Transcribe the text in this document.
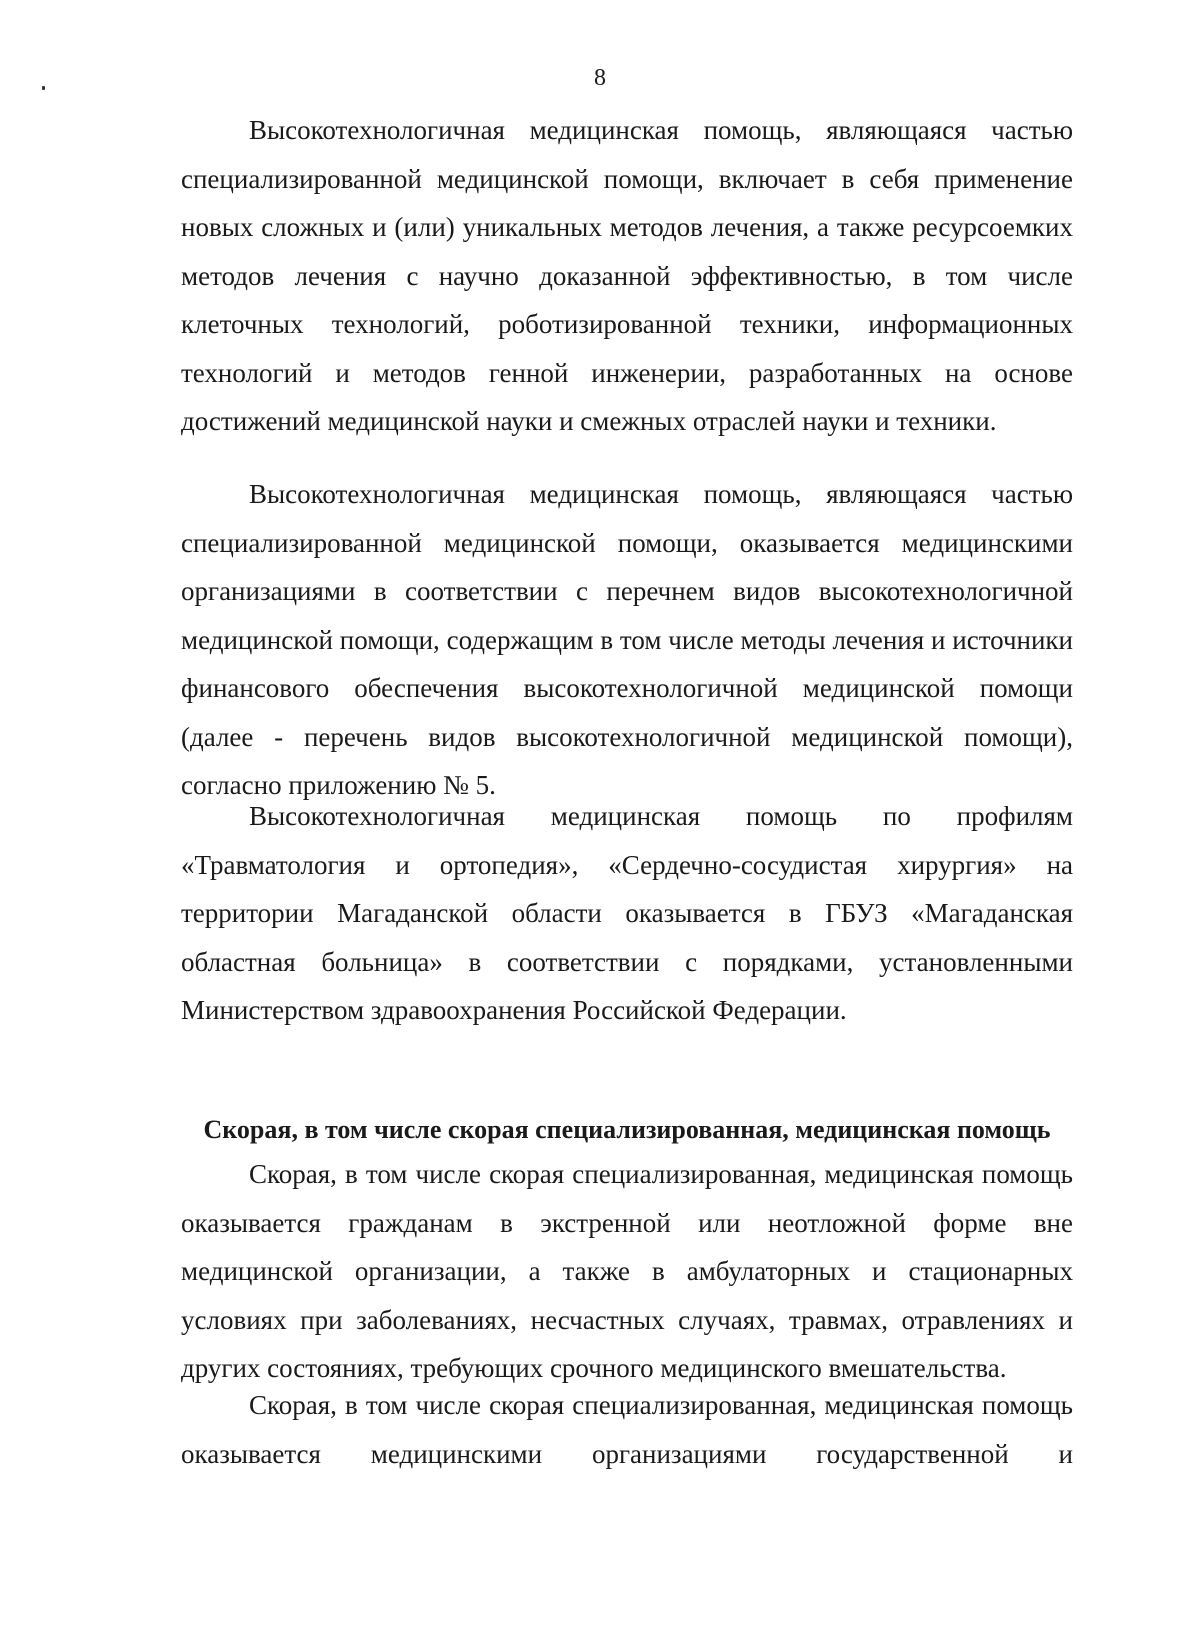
8

Высокотехнологичная медицинская помощь, являющаяся частью специализированной медицинской помощи, включает в себя применение новых сложных и (или) уникальных методов лечения, а также ресурсоемких методов лечения с научно доказанной эффективностью, в том числе клеточных технологий, роботизированной техники, информационных технологий и методов генной инженерии, разработанных на основе достижений медицинской науки и смежных отраслей науки и техники.

Высокотехнологичная медицинская помощь, являющаяся частью специализированной медицинской помощи, оказывается медицинскими организациями в соответствии с перечнем видов высокотехнологичной медицинской помощи, содержащим в том числе методы лечения и источники финансового обеспечения высокотехнологичной медицинской помощи (далее - перечень видов высокотехнологичной медицинской помощи), согласно приложению № 5.

Высокотехнологичная медицинская помощь по профилям «Травматология и ортопедия», «Сердечно-сосудистая хирургия» на территории Магаданской области оказывается в ГБУЗ «Магаданская областная больница» в соответствии с порядками, установленными Министерством здравоохранения Российской Федерации.

Скорая, в том числе скорая специализированная, медицинская помощь

Скорая, в том числе скорая специализированная, медицинская помощь оказывается гражданам в экстренной или неотложной форме вне медицинской организации, а также в амбулаторных и стационарных условиях при заболеваниях, несчастных случаях, травмах, отравлениях и других состояниях, требующих срочного медицинского вмешательства.

Скорая, в том числе скорая специализированная, медицинская помощь оказывается медицинскими организациями государственной и
